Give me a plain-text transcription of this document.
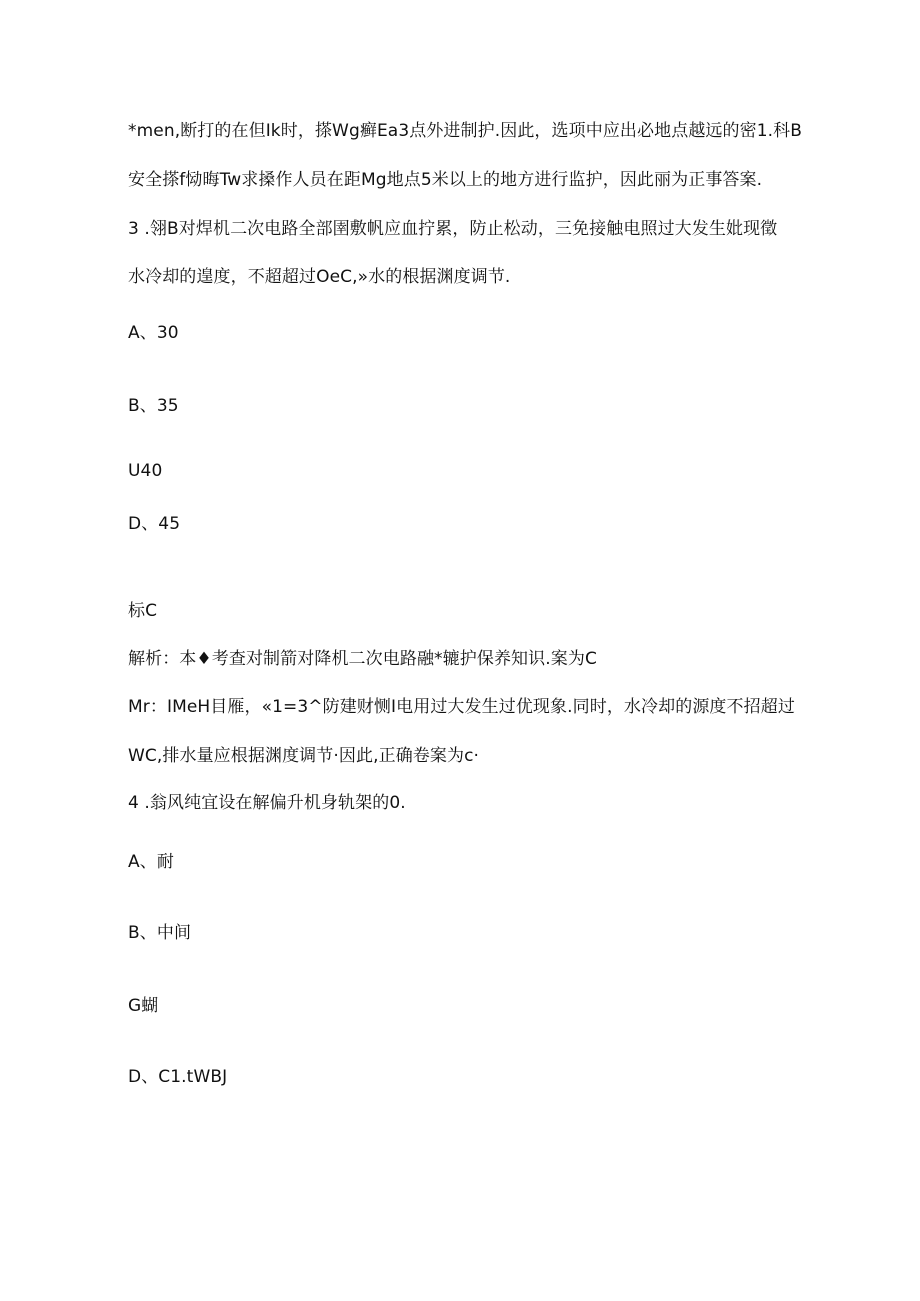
*men,断打的在但Ik时，搽Wg癣Ea3点外进制护.因此，选项中应出必地点越远的密1.科B
安全搽f恸晦Tw求搡作人员在距Mg地点5米以上的地方进行监护，因此丽为正事答案.
3 .翎B对焊机二次电路全部圉敷帆应血拧累，防止松动，三免接触电照过大发生妣现徵
水冷却的遑度，不超超过OeC,»水的根据渊度调节.
A、30
B、35
U40
D、45
标C
解析：本♦考查对制箭对降机二次电路融*辘护保养知识.案为C
Mr：IMeH目雁，«1=3^防建财恻I电用过大发生过优现象.同时，水冷却的源度不招超过
WC,排水量应根据渊度调节·因此,正确卷案为c·
4 .翁风纯宜设在解偏升机身轨架的0.
A、耐
B、中间
G蝴
D、C1.tWBJ
